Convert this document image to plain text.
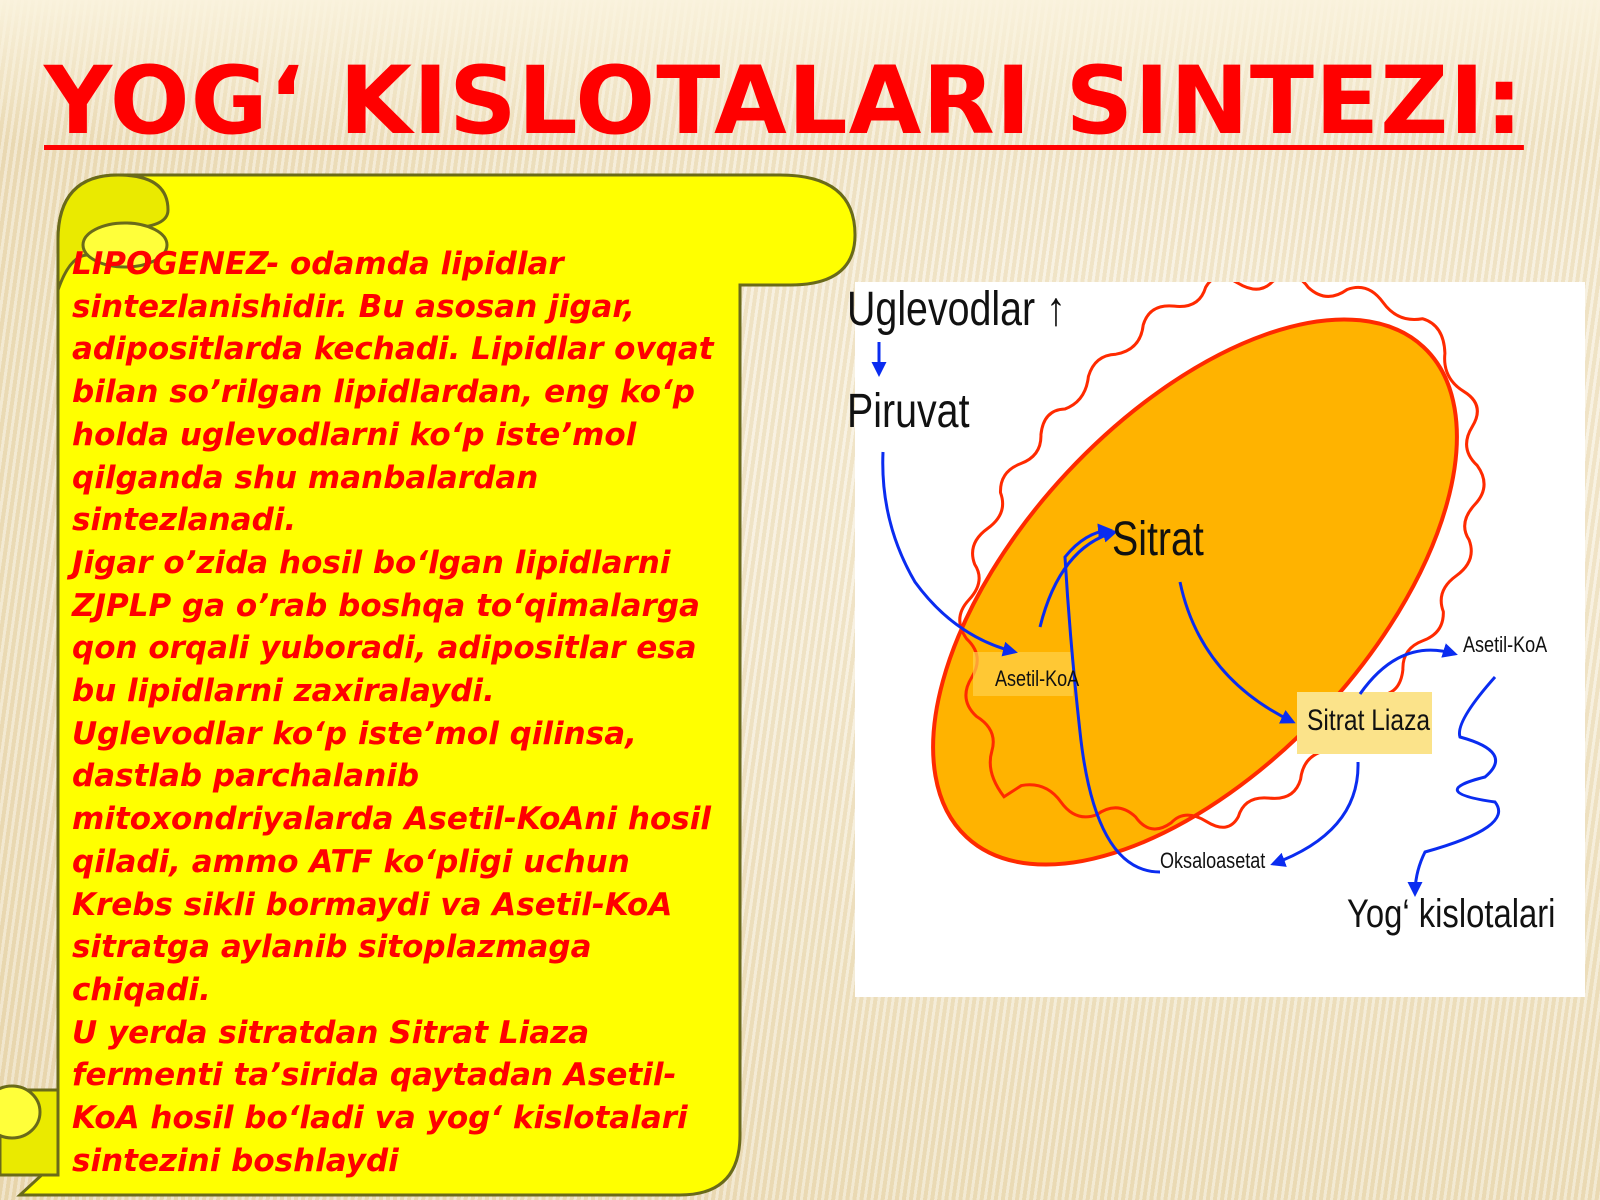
YOG‘ KISLOTALARI SINTEZI:

LIPOGENEZ- odamda lipidlar sintezlanishidir. Bu asosan jigar, adipositlarda kechadi. Lipidlar ovqat bilan so’rilgan lipidlardan, eng ko‘p holda uglevodlarni ko‘p iste’mol qilganda shu manbalardan sintezlanadi.

Jigar o’zida hosil bo‘lgan lipidlarni ZJPLP ga o’rab boshqa to‘qimalarga qon orqali yuboradi, adipositlar esa bu lipidlarni zaxiralaydi.

Uglevodlar ko‘p iste’mol qilinsa, dastlab parchalanib mitoxondriyalarda Asetil-KoAni hosil qiladi, ammo ATF ko‘pligi uchun Krebs sikli bormaydi va Asetil-KoA sitratga aylanib sitoplazmaga chiqadi.

U yerda sitratdan Sitrat Liaza fermenti ta’sirida qaytadan Asetil-KoA hosil bo‘ladi va yog‘ kislotalari sintezini boshlaydi

Uglevodlar ↑
Piruvat
Sitrat
Asetil-KoA
Asetil-KoA
Sitrat Liaza
Oksaloasetat
Yog‘ kislotalari
